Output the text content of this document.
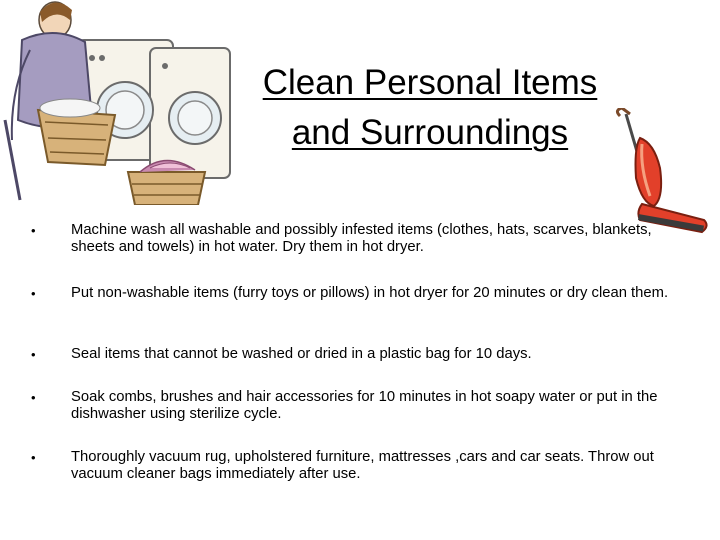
Clean Personal Items
and Surroundings
• Machine wash all washable and possibly infested items (clothes, hats, scarves, blankets, sheets and towels) in hot water. Dry them in hot dryer.
• Put non-washable items (furry toys or pillows) in hot dryer for 20 minutes or dry clean them.
• Seal items that cannot be washed or dried in a plastic bag for 10 days.
• Soak combs, brushes and hair accessories for 10 minutes in hot soapy water or put in the dishwasher using sterilize cycle.
• Thoroughly vacuum rug, upholstered furniture, mattresses ,cars and car seats. Throw out vacuum cleaner bags immediately after use.
